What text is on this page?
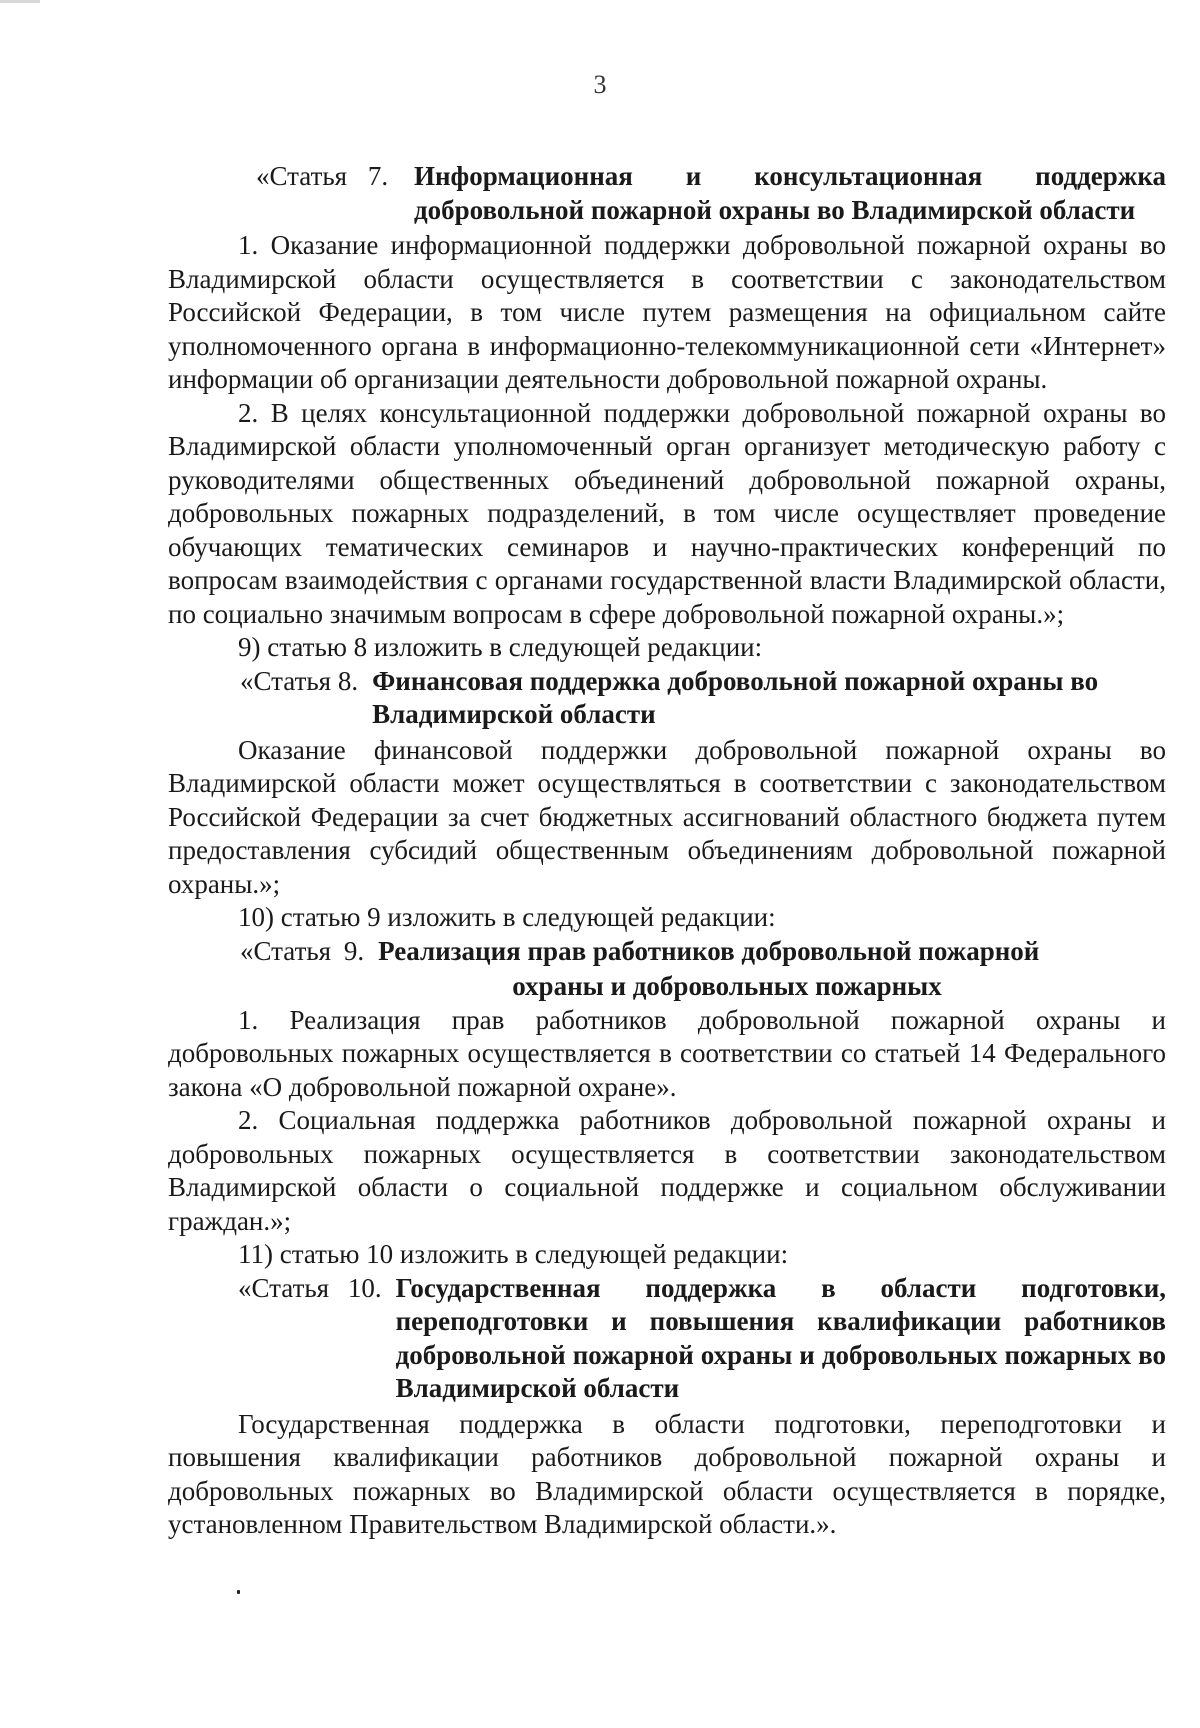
3
«Статья 7. Информационная и консультационная поддержка добровольной пожарной охраны во Владимирской области

1. Оказание информационной поддержки добровольной пожарной охраны во Владимирской области осуществляется в соответствии с законодательством Российской Федерации, в том числе путем размещения на официальном сайте уполномоченного органа в информационно-телекоммуникационной сети «Интернет» информации об организации деятельности добровольной пожарной охраны.

2. В целях консультационной поддержки добровольной пожарной охраны во Владимирской области уполномоченный орган организует методическую работу с руководителями общественных объединений добровольной пожарной охраны, добровольных пожарных подразделений, в том числе осуществляет проведение обучающих тематических семинаров и научно-практических конференций по вопросам взаимодействия с органами государственной власти Владимирской области, по социально значимым вопросам в сфере добровольной пожарной охраны.»;

9) статью 8 изложить в следующей редакции:

«Статья 8. Финансовая поддержка добровольной пожарной охраны во Владимирской области

Оказание финансовой поддержки добровольной пожарной охраны во Владимирской области может осуществляться в соответствии с законодательством Российской Федерации за счет бюджетных ассигнований областного бюджета путем предоставления субсидий общественным объединениям добровольной пожарной охраны.»;

10) статью 9 изложить в следующей редакции:

«Статья 9. Реализация прав работников добровольной пожарной
охраны и добровольных пожарных

1. Реализация прав работников добровольной пожарной охраны и добровольных пожарных осуществляется в соответствии со статьей 14 Федерального закона «О добровольной пожарной охране».

2. Социальная поддержка работников добровольной пожарной охраны и добровольных пожарных осуществляется в соответствии законодательством Владимирской области о социальной поддержке и социальном обслуживании граждан.»;

11) статью 10 изложить в следующей редакции:

«Статья 10. Государственная поддержка в области подготовки, переподготовки и повышения квалификации работников добровольной пожарной охраны и добровольных пожарных во Владимирской области

Государственная поддержка в области подготовки, переподготовки и повышения квалификации работников добровольной пожарной охраны и добровольных пожарных во Владимирской области осуществляется в порядке, установленном Правительством Владимирской области.».
